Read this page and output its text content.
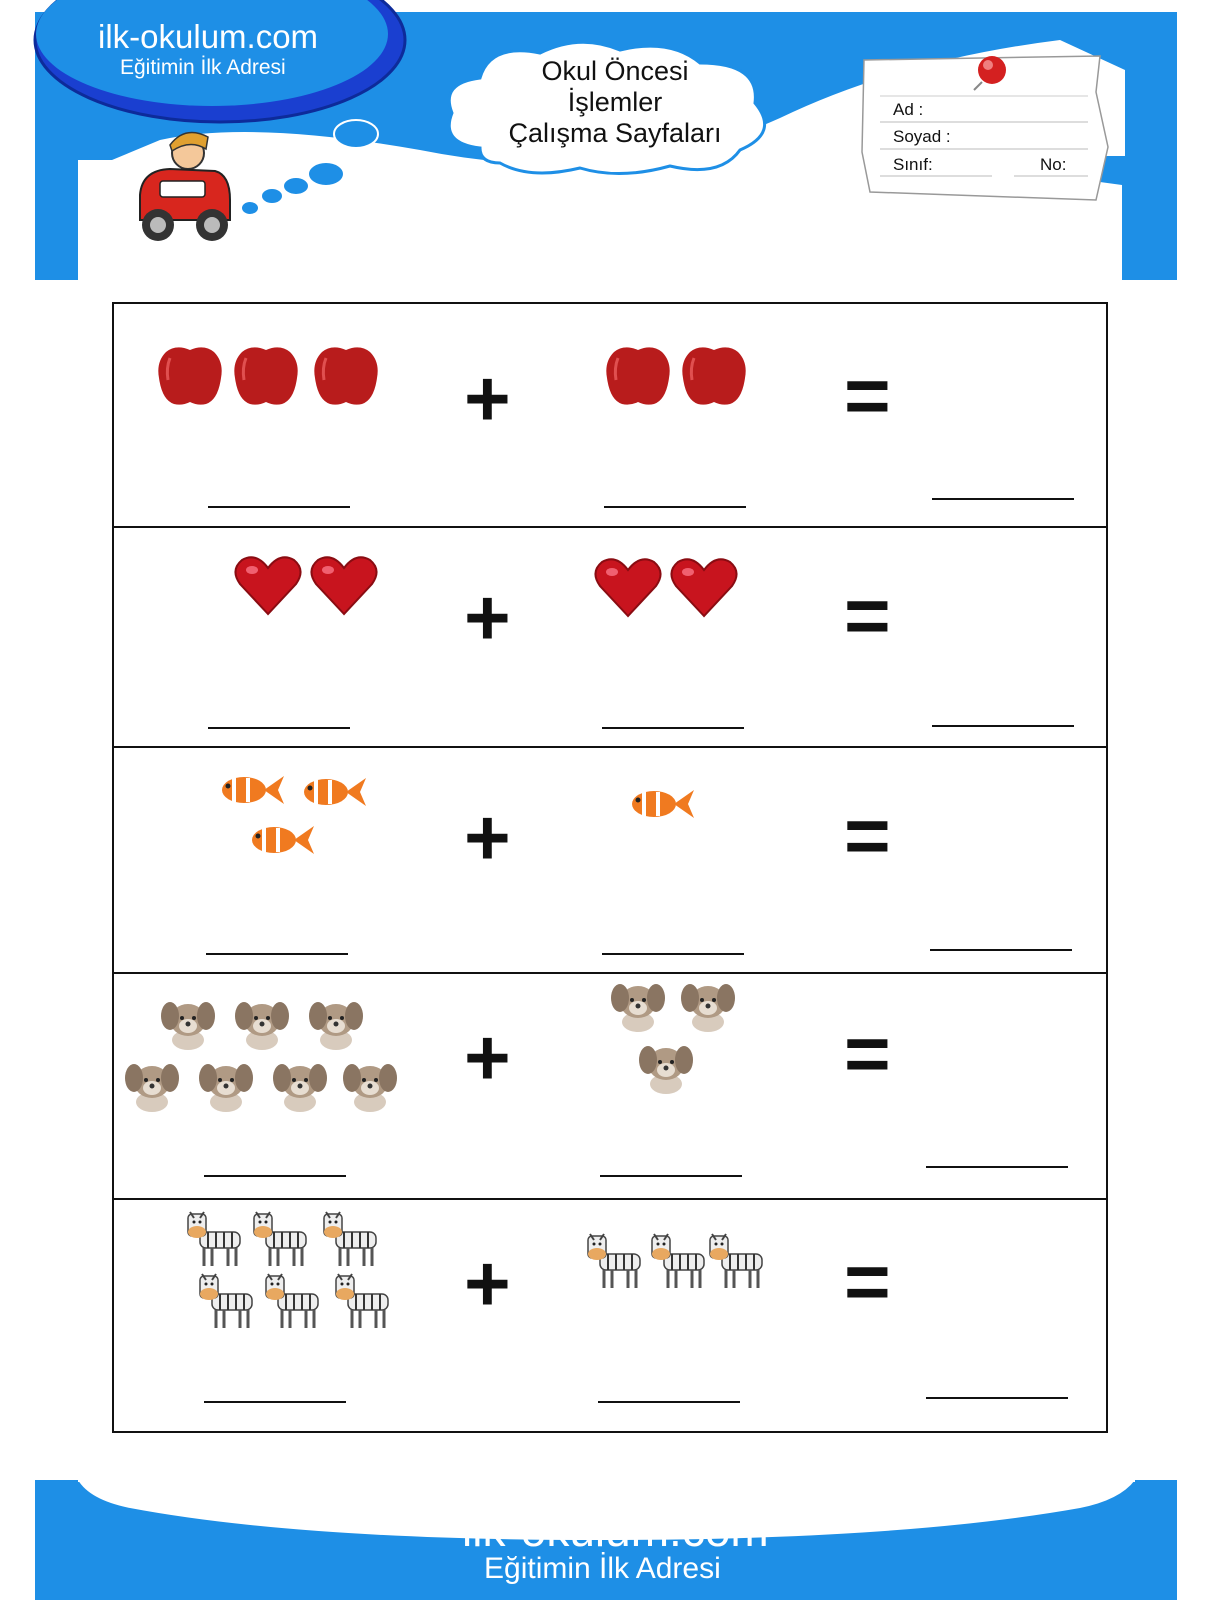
ilk-okulum.com
Eğitimin İlk Adresi	Okul Öncesi
İşlemler
Çalışma Sayfaları
Ad :
Soyad :
Sınıf:	No:
+	=
+	=
+	=
+	=
+	=
ilk-okulum.com
Eğitimin İlk Adresi
